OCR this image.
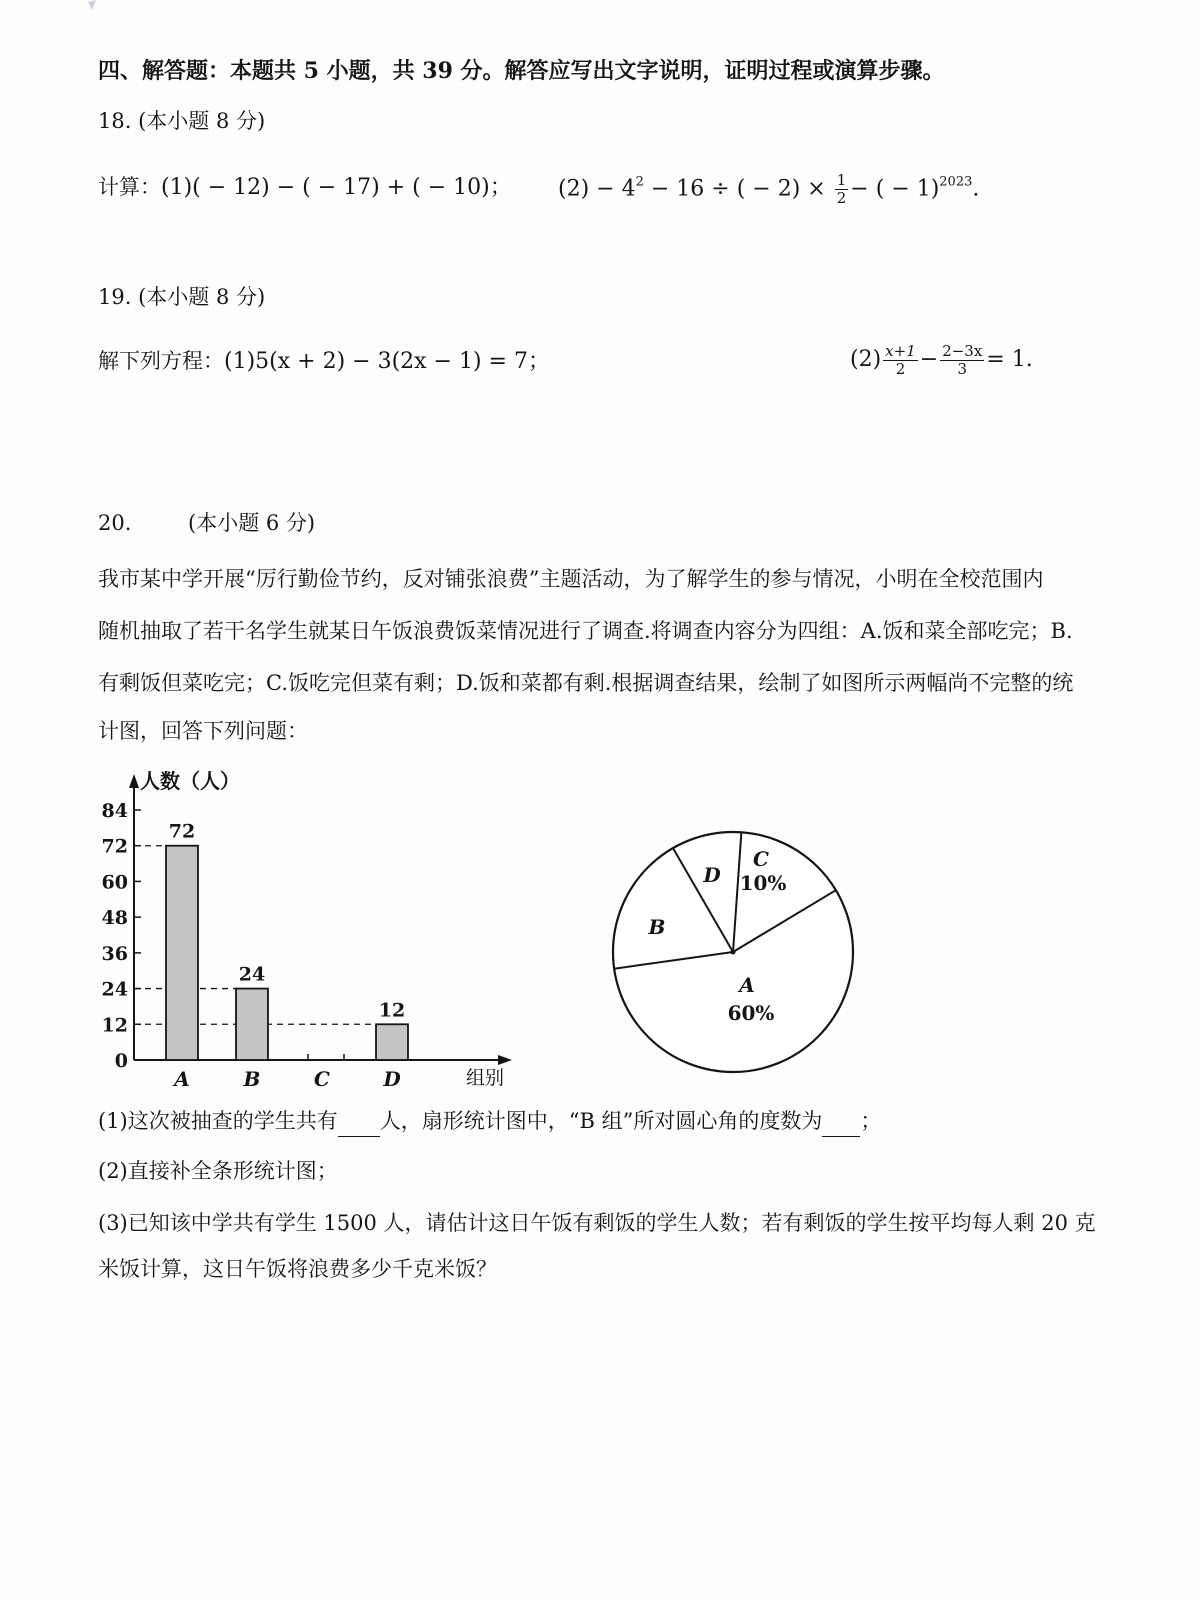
四、解答题：本题共 5 小题，共 39 分。解答应写出文字说明，证明过程或演算步骤。
18. (本小题 8 分)
计算：(1)( − 12) − ( − 17) + ( − 10)； $(2) - 4^2 - 16$ ÷ ( − $2) \times \frac{1}{2}$ − ( − 1)$^{2023}$.
19. (本小题 8 分)
解下列方程：(1)5(x + 2) − 3(2x − 1) = 7；	$(2) \frac{x+1}{2} - \frac{2-3x}{3} = 1$.
20.	(本小题 6 分)
我市某中学开展“厉行勤俭节约，反对铺张浪费”主题活动，为了解学生的参与情况，小明在全校范围内
随机抽取了若干名学生就某日午饭浪费饭菜情况进行了调查.将调查内容分为四组：A.饭和菜全部吃完；B.
有剩饭但菜吃完；C.饭吃完但菜有剩；D.饭和菜都有剩.根据调查结果，绘制了如图所示两幅尚不完整的统
计图，回答下列问题：
人数（人）
组别
0
12
24
36
48
60
72
84
72
24
12
A	B	C	D
A
60%
B
C
10%
D
(1)这次被抽查的学生共有 人，扇形统计图中，“B 组”所对圆心角的度数为 ；
(2)直接补全条形统计图；
(3)已知该中学共有学生 1500 人，请估计这日午饭有剩饭的学生人数；若有剩饭的学生按平均每人剩 20 克
米饭计算，这日午饭将浪费多少千克米饭？
